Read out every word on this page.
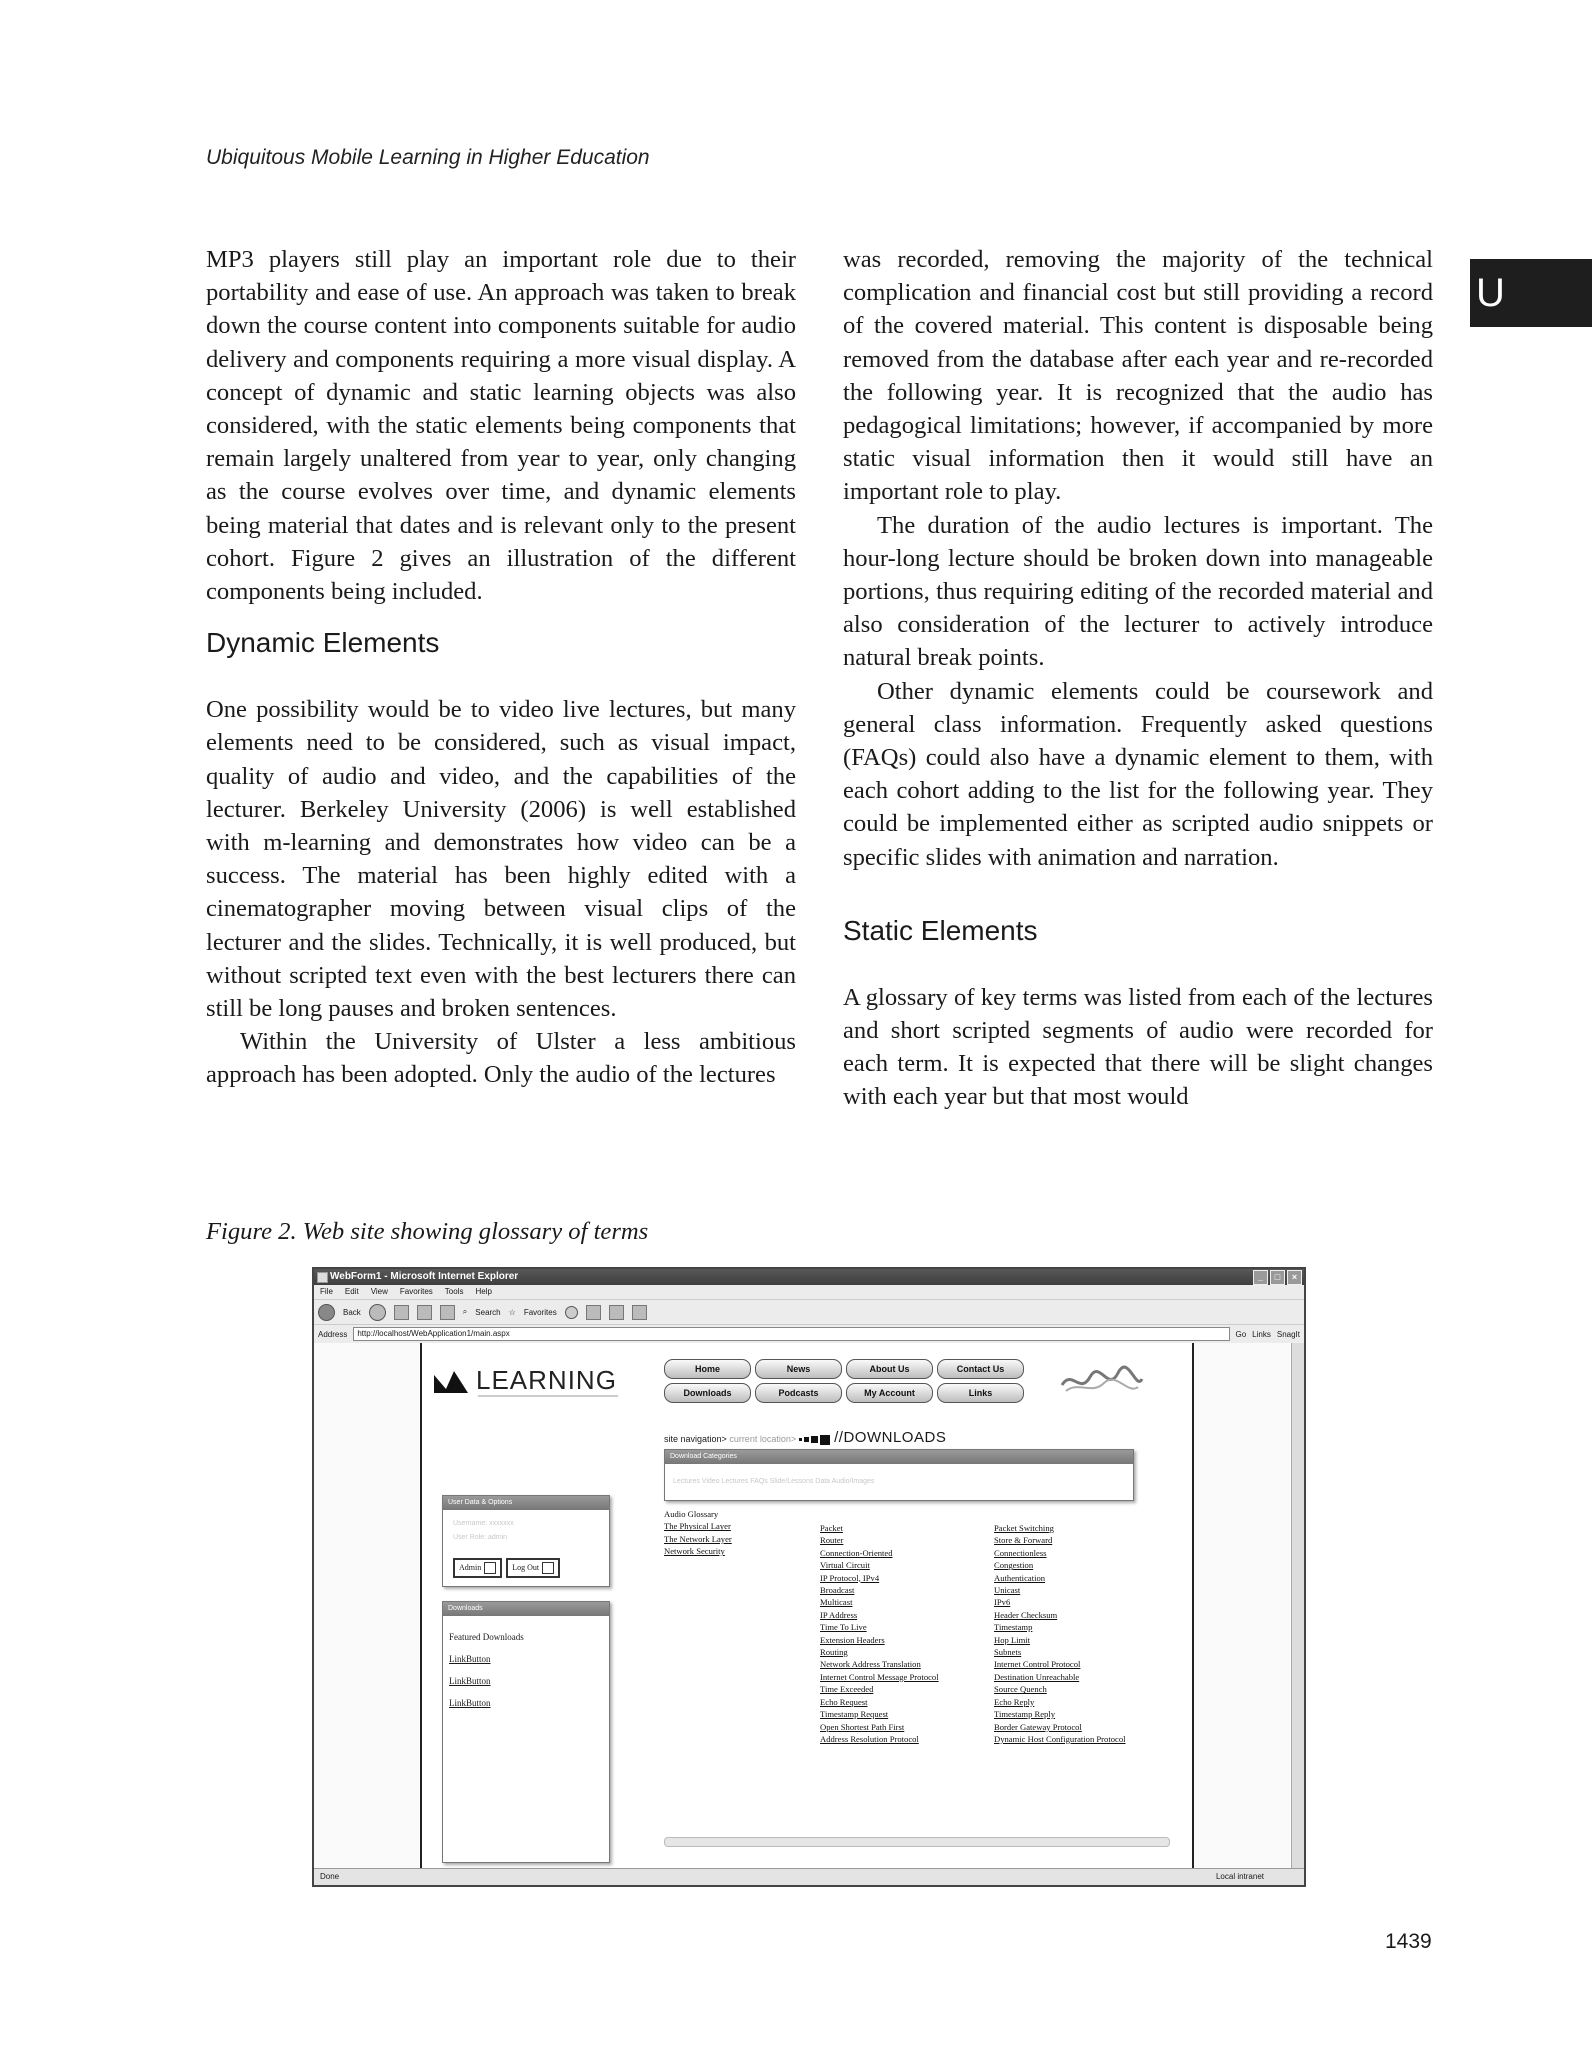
Ubiquitous Mobile Learning in Higher Education
U

MP3 players still play an important role due to their portability and ease of use. An approach was taken to break down the course content into components suitable for audio delivery and components requiring a more visual display. A concept of dynamic and static learning objects was also considered, with the static elements being components that remain largely unaltered from year to year, only changing as the course evolves over time, and dynamic elements being material that dates and is relevant only to the present cohort. Figure 2 gives an illustration of the different components being included.

Dynamic Elements

One possibility would be to video live lectures, but many elements need to be considered, such as visual impact, quality of audio and video, and the capabilities of the lecturer. Berkeley University (2006) is well established with m-learning and demonstrates how video can be a success. The material has been highly edited with a cinematographer moving between visual clips of the lecturer and the slides. Technically, it is well produced, but without scripted text even with the best lecturers there can still be long pauses and broken sentences.

Within the University of Ulster a less ambitious approach has been adopted. Only the audio of the lectures

was recorded, removing the majority of the technical complication and financial cost but still providing a record of the covered material. This content is disposable being removed from the database after each year and re-recorded the following year. It is recognized that the audio has pedagogical limitations; however, if accompanied by more static visual information then it would still have an important role to play.

The duration of the audio lectures is important. The hour-long lecture should be broken down into manageable portions, thus requiring editing of the recorded material and also consideration of the lecturer to actively introduce natural break points.

Other dynamic elements could be coursework and general class information. Frequently asked questions (FAQs) could also have a dynamic element to them, with each cohort adding to the list for the following year. They could be implemented either as scripted audio snippets or specific slides with animation and narration.

Static Elements

A glossary of key terms was listed from each of the lectures and short scripted segments of audio were recorded for each term. It is expected that there will be slight changes with each year but that most would

Figure 2. Web site showing glossary of terms
WebForm1 - Microsoft Internet Explorer	_	□	×
File Edit View Favorites Tools Help
Back	⌕ Search ☆ Favorites
Address	http://localhost/WebApplication1/main.aspx	Go Links SnagIt
LEARNING	Home	News	About Us	Contact Us
Downloads	Podcasts	My Account	Links
site navigation> current location>	//DOWNLOADS
User Data & Options
Username: xxxxxxx
User Role: admin
Admin	Log Out
Download Categories
Lectures Video Lectures FAQs Slide/Lessons Data Audio/Images
Downloads
Featured Downloads
LinkButton
LinkButton
LinkButton
Audio Glossary
The Physical Layer
The Network Layer
Network Security
Packet
Router
Connection-Oriented
Virtual Circuit
IP Protocol, IPv4
Broadcast
Multicast
IP Address
Time To Live
Extension Headers
Routing
Network Address Translation
Internet Control Message Protocol
Time Exceeded
Echo Request
Timestamp Request
Open Shortest Path First
Address Resolution Protocol
Packet Switching
Store & Forward
Connectionless
Congestion
Authentication
Unicast
IPv6
Header Checksum
Timestamp
Hop Limit
Subnets
Internet Control Protocol
Destination Unreachable
Source Quench
Echo Reply
Timestamp Reply
Border Gateway Protocol
Dynamic Host Configuration Protocol
Done	Local intranet
1439
